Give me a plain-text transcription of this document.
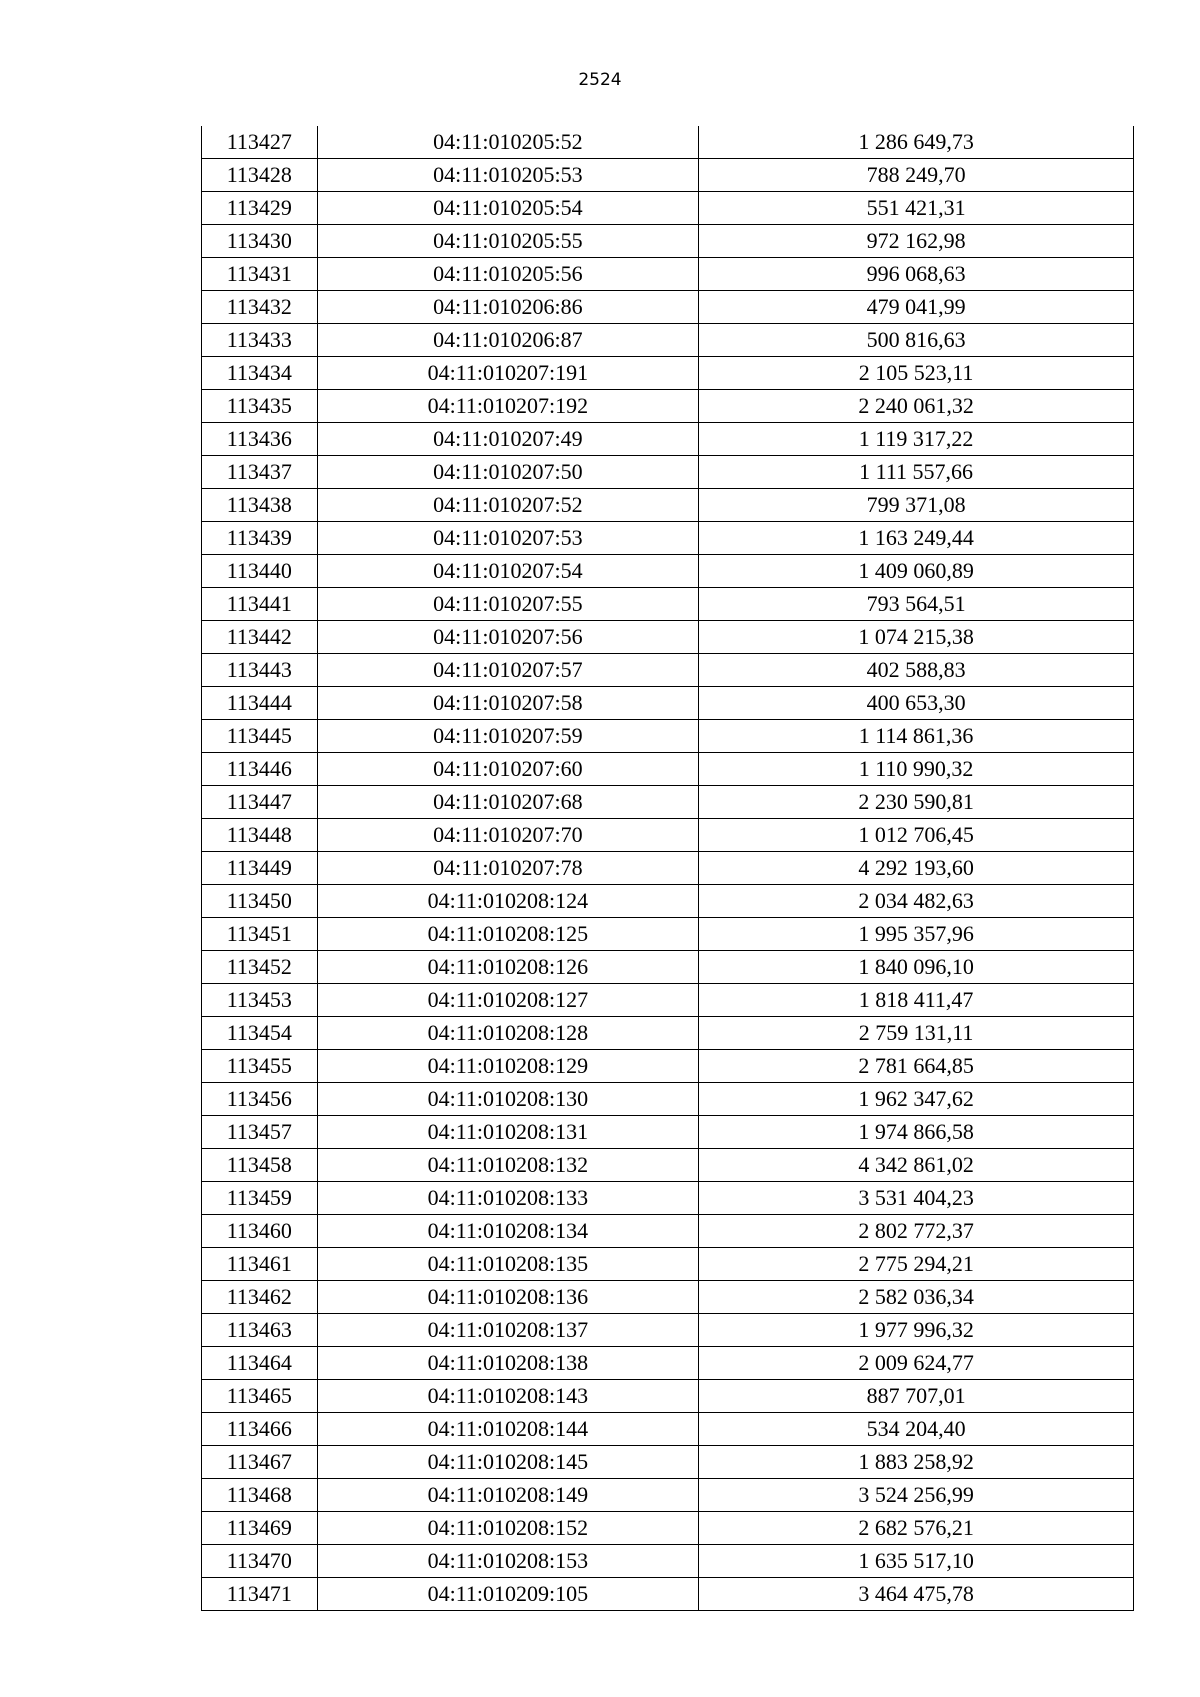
2524
113427	04:11:010205:52	1 286 649,73
113428	04:11:010205:53	788 249,70
113429	04:11:010205:54	551 421,31
113430	04:11:010205:55	972 162,98
113431	04:11:010205:56	996 068,63
113432	04:11:010206:86	479 041,99
113433	04:11:010206:87	500 816,63
113434	04:11:010207:191	2 105 523,11
113435	04:11:010207:192	2 240 061,32
113436	04:11:010207:49	1 119 317,22
113437	04:11:010207:50	1 111 557,66
113438	04:11:010207:52	799 371,08
113439	04:11:010207:53	1 163 249,44
113440	04:11:010207:54	1 409 060,89
113441	04:11:010207:55	793 564,51
113442	04:11:010207:56	1 074 215,38
113443	04:11:010207:57	402 588,83
113444	04:11:010207:58	400 653,30
113445	04:11:010207:59	1 114 861,36
113446	04:11:010207:60	1 110 990,32
113447	04:11:010207:68	2 230 590,81
113448	04:11:010207:70	1 012 706,45
113449	04:11:010207:78	4 292 193,60
113450	04:11:010208:124	2 034 482,63
113451	04:11:010208:125	1 995 357,96
113452	04:11:010208:126	1 840 096,10
113453	04:11:010208:127	1 818 411,47
113454	04:11:010208:128	2 759 131,11
113455	04:11:010208:129	2 781 664,85
113456	04:11:010208:130	1 962 347,62
113457	04:11:010208:131	1 974 866,58
113458	04:11:010208:132	4 342 861,02
113459	04:11:010208:133	3 531 404,23
113460	04:11:010208:134	2 802 772,37
113461	04:11:010208:135	2 775 294,21
113462	04:11:010208:136	2 582 036,34
113463	04:11:010208:137	1 977 996,32
113464	04:11:010208:138	2 009 624,77
113465	04:11:010208:143	887 707,01
113466	04:11:010208:144	534 204,40
113467	04:11:010208:145	1 883 258,92
113468	04:11:010208:149	3 524 256,99
113469	04:11:010208:152	2 682 576,21
113470	04:11:010208:153	1 635 517,10
113471	04:11:010209:105	3 464 475,78
